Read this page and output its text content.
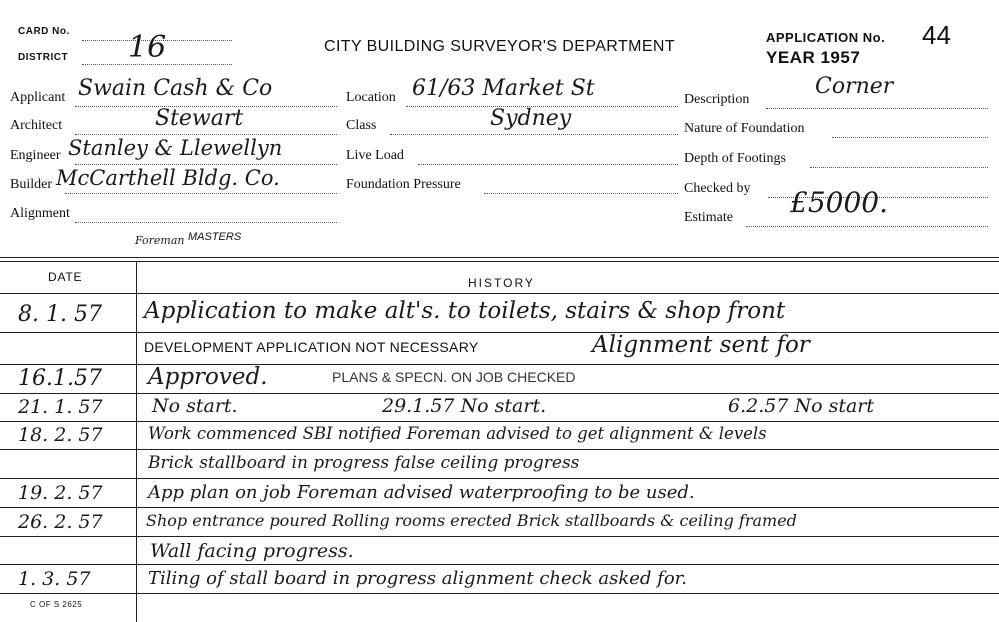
CARD No.
DISTRICT 16	CITY BUILDING SURVEYOR'S DEPARTMENT
APPLICATION No. 44
YEAR 1957
Applicant Swain Cash & Co
Architect	Stewart
Engineer Stanley & Llewellyn
Builder McCarthell Bldg. Co.
Alignment
Foreman MASTERS
Location 61/63 Market St
Class	Sydney
Live Load
Foundation Pressure
Description
Corner
Nature of Foundation
Depth of Footings
Checked by
Estimate £5000.
DATE	HISTORY
8. 1. 57 Application to make alt's. to toilets, stairs & shop front
DEVELOPMENT APPLICATION NOT NECESSARY	Alignment sent for
16.1.57 Approved.	PLANS & SPECN. ON JOB CHECKED
21. 1. 57	No start.	29.1.57 No start.	6.2.57 No start
18. 2. 57	Work commenced SBI notified Foreman advised to get alignment & levels
Brick stallboard in progress false ceiling progress
19. 2. 57	App plan on job Foreman advised waterproofing to be used.
26. 2. 57	Shop entrance poured Rolling rooms erected Brick stallboards & ceiling framed
Wall facing progress.
1. 3. 57	Tiling of stall board in progress alignment check asked for.
C OF S 2625
